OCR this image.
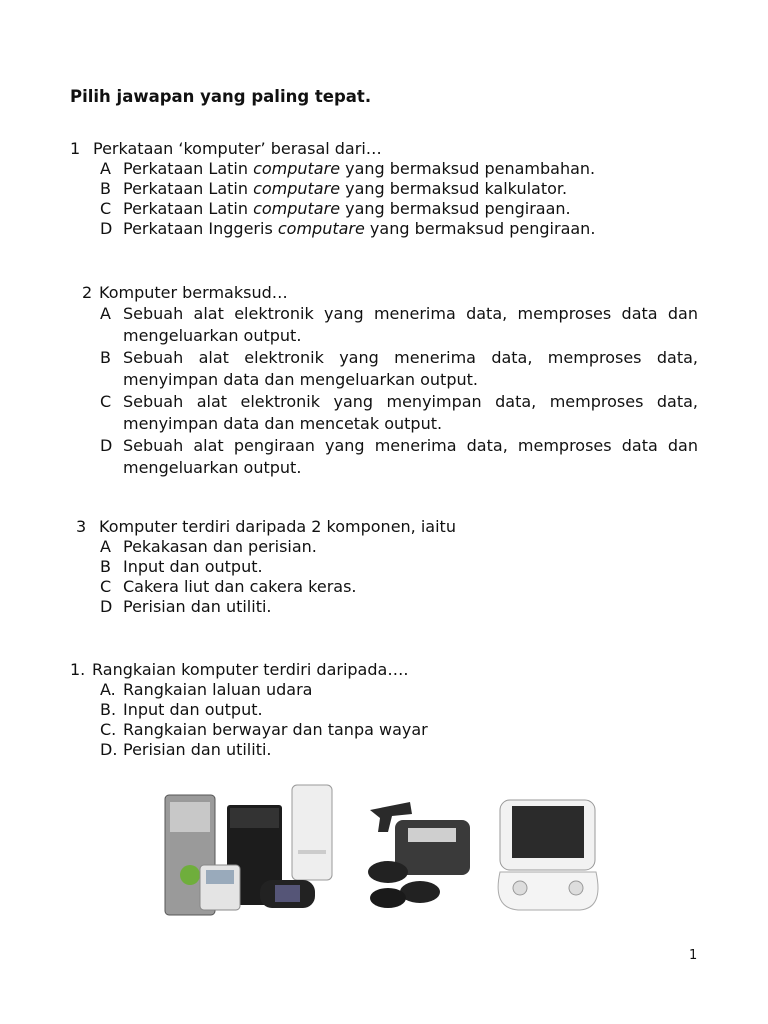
Pilih jawapan yang paling tepat.
1 Perkataan ‘komputer’ berasal dari…
A Perkataan Latin computare yang bermaksud penambahan.
B Perkataan Latin computare yang bermaksud kalkulator.
C Perkataan Latin computare yang bermaksud pengiraan.
D Perkataan Inggeris computare yang bermaksud pengiraan.
2 Komputer bermaksud…
A Sebuah alat elektronik yang menerima data, memproses data dan mengeluarkan output.
B Sebuah alat elektronik yang menerima data, memproses data, menyimpan data dan mengeluarkan output.
C Sebuah alat elektronik yang menyimpan data, memproses data, menyimpan data dan mencetak output.
D Sebuah alat pengiraan yang menerima data, memproses data dan mengeluarkan output.
3 Komputer terdiri daripada 2 komponen, iaitu
A Pekakasan dan perisian.
B Input dan output.
C Cakera liut dan cakera keras.
D Perisian dan utiliti.
1. Rangkaian komputer terdiri daripada….
A. Rangkaian laluan udara
B. Input dan output.
C. Rangkaian berwayar dan tanpa wayar
D. Perisian dan utiliti.
1
